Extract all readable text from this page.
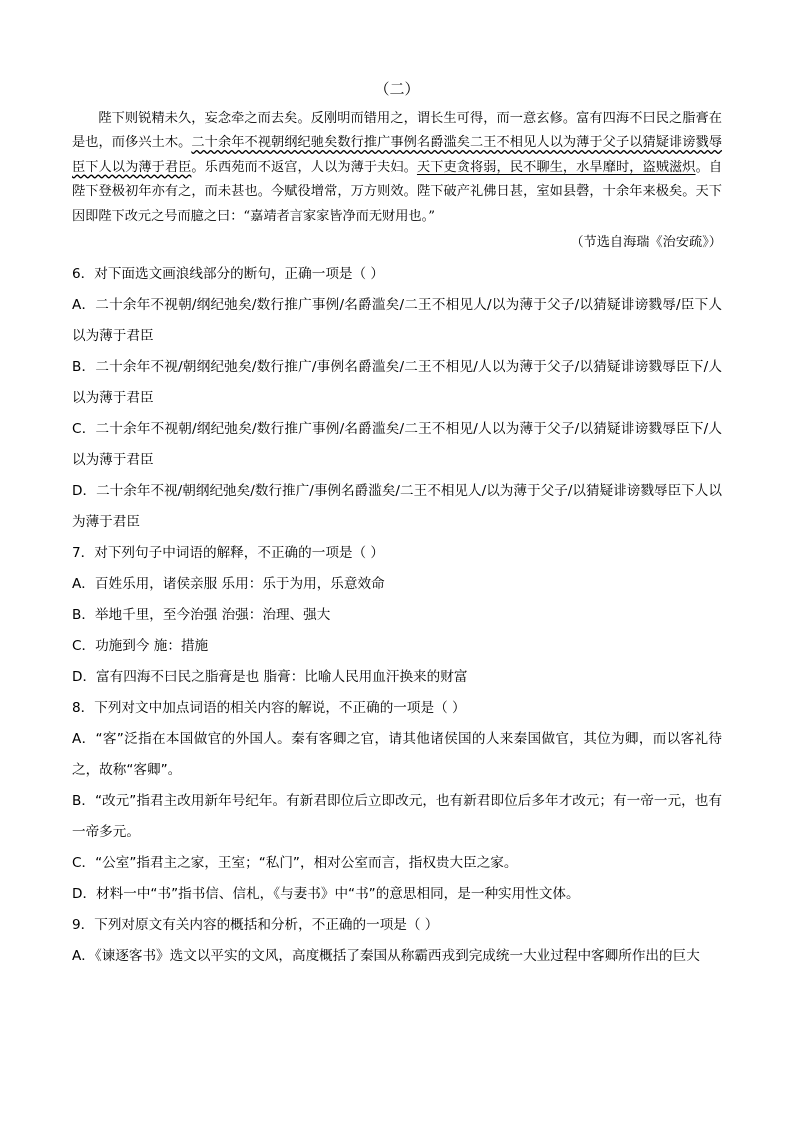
（二）

陛下则锐精未久，妄念牵之而去矣。反刚明而错用之，谓长生可得，而一意玄修。富有四海不曰民之脂膏在是也，而侈兴土木。二十余年不视朝纲纪驰矣数行推广事例名爵滥矣二王不相见人以为薄于父子以猜疑诽谤戮辱臣下人以为薄于君臣。乐西苑而不返宫，人以为薄于夫妇。天下吏贪将弱，民不聊生，水旱靡时，盗贼滋炽。自陛下登极初年亦有之，而未甚也。今赋役增常，万方则效。陛下破产礼佛日甚，室如县磬，十余年来极矣。天下因即陛下改元之号而臆之曰：“嘉靖者言家家皆净而无财用也。”

（节选自海瑞《治安疏》）

6．对下面选文画浪线部分的断句，正确一项是（ ）

A．二十余年不视朝/纲纪弛矣/数行推广事例/名爵滥矣/二王不相见人/以为薄于父子/以猜疑诽谤戮辱/臣下人以为薄于君臣

B．二十余年不视/朝纲纪弛矣/数行推广/事例名爵滥矣/二王不相见/人以为薄于父子/以猜疑诽谤戮辱臣下/人以为薄于君臣

C．二十余年不视朝/纲纪弛矣/数行推广事例/名爵滥矣/二王不相见/人以为薄于父子/以猜疑诽谤戮辱臣下/人以为薄于君臣

D．二十余年不视/朝纲纪弛矣/数行推广/事例名爵滥矣/二王不相见人/以为薄于父子/以猜疑诽谤戮辱臣下人以为薄于君臣

7．对下列句子中词语的解释，不正确的一项是（ ）

A．百姓乐用，诸侯亲服 乐用：乐于为用，乐意效命

B．举地千里，至今治强 治强：治理、强大

C．功施到今 施：措施

D．富有四海不曰民之脂膏是也 脂膏：比喻人民用血汗换来的财富

8．下列对文中加点词语的相关内容的解说，不正确的一项是（ ）

A．“客”泛指在本国做官的外国人。秦有客卿之官，请其他诸侯国的人来秦国做官，其位为卿，而以客礼待之，故称“客卿”。

B．“改元”指君主改用新年号纪年。有新君即位后立即改元，也有新君即位后多年才改元；有一帝一元，也有一帝多元。

C．“公室”指君主之家，王室；“私门”，相对公室而言，指权贵大臣之家。

D．材料一中“书”指书信、信札，《与妻书》中“书”的意思相同，是一种实用性文体。

9．下列对原文有关内容的概括和分析，不正确的一项是（ ）

A．《谏逐客书》选文以平实的文风，高度概括了秦国从称霸西戎到完成统一大业过程中客卿所作出的巨大
